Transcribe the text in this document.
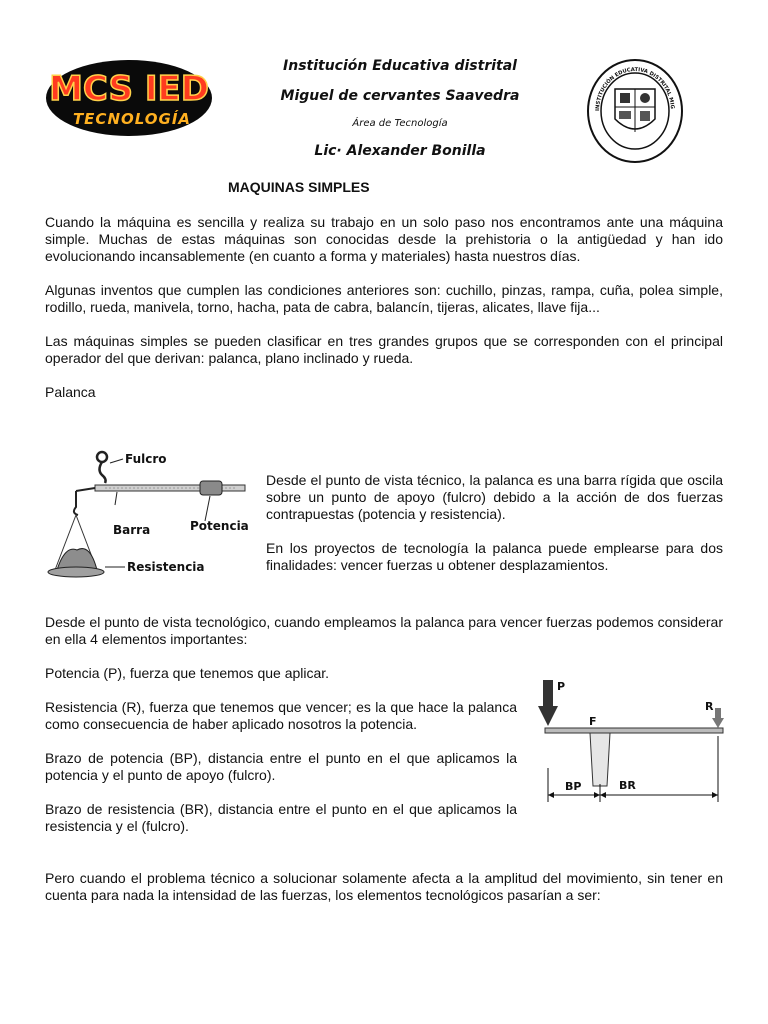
MCS IED
TECNOLOGÍA
Institución Educativa distrital
Miguel de cervantes Saavedra
Área de Tecnología
Lic· Alexander Bonilla
INSTITUCIÓN EDUCATIVA DISTRITAL MIG
MAQUINAS SIMPLES
Cuando la máquina es sencilla y realiza su trabajo en un solo paso nos encontramos ante una máquina simple. Muchas de estas máquinas son conocidas desde la prehistoria o la antigüedad y han ido evolucionando incansablemente (en cuanto a forma y materiales) hasta nuestros días.
Algunas inventos que cumplen las condiciones anteriores son: cuchillo, pinzas, rampa, cuña, polea simple, rodillo, rueda, manivela, torno, hacha, pata de cabra, balancín, tijeras, alicates, llave fija...
Las máquinas simples se pueden clasificar en tres grandes grupos que se corresponden con el principal operador del que derivan: palanca, plano inclinado y rueda.
Palanca
Fulcro
Barra	Potencia
Resistencia
Desde el punto de vista técnico, la palanca es una barra rígida que oscila sobre un punto de apoyo (fulcro) debido a la acción de dos fuerzas contrapuestas (potencia y resistencia).
En los proyectos de tecnología la palanca puede emplearse para dos finalidades: vencer fuerzas u obtener desplazamientos.
Desde el punto de vista tecnológico, cuando empleamos la palanca para vencer fuerzas podemos considerar en ella 4 elementos importantes:
Potencia (P), fuerza que tenemos que aplicar.
Resistencia (R), fuerza que tenemos que vencer; es la que hace la palanca como consecuencia de haber aplicado nosotros la potencia.
Brazo de potencia (BP), distancia entre el punto en el que aplicamos la potencia y el punto de apoyo (fulcro).
Brazo de resistencia (BR), distancia entre el punto en el que aplicamos la resistencia y el (fulcro).
P
R
F
BP	BR
Pero cuando el problema técnico a solucionar solamente afecta a la amplitud del movimiento, sin tener en cuenta para nada la intensidad de las fuerzas, los elementos tecnológicos pasarían a ser:
